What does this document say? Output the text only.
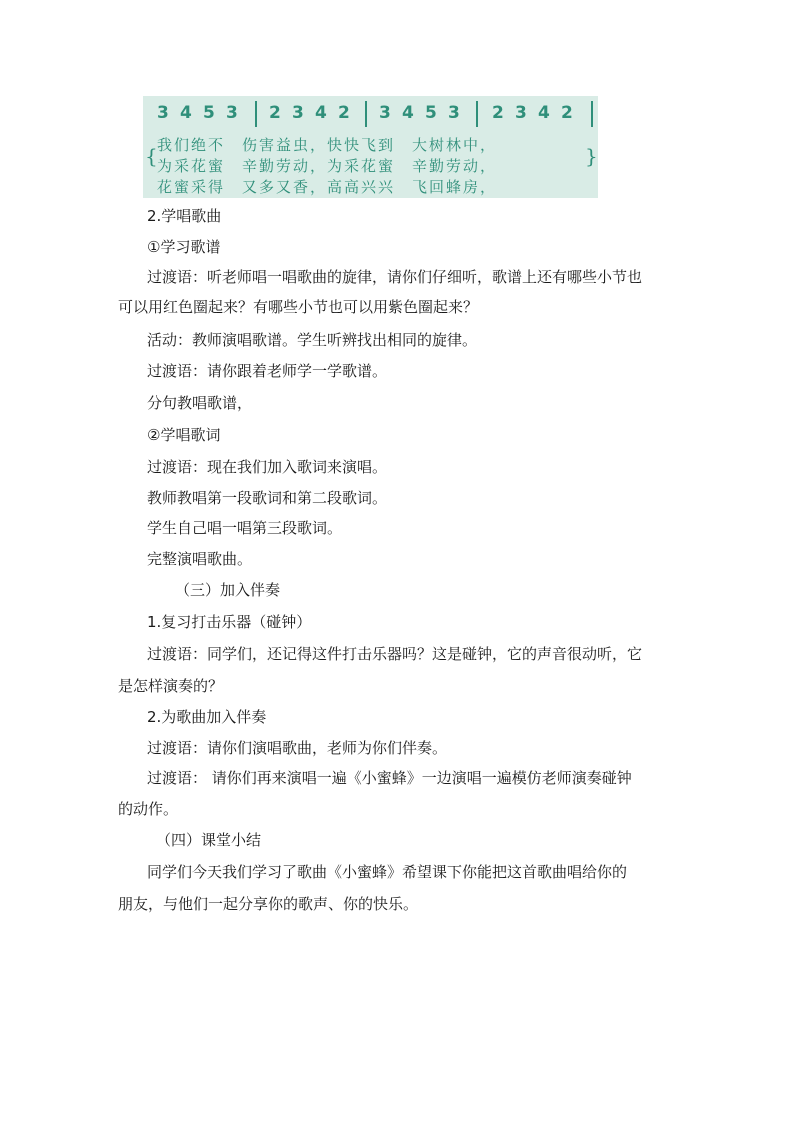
3 4 5 3 2 3 4 2 3 4 5 3 2 3 4 2
{ 我们绝不　伤害益虫，快快飞到　大树林中，
为采花蜜　辛勤劳动，为采花蜜　辛勤劳动，
花蜜采得　又多又香，高高兴兴　飞回蜂房，
}
2.学唱歌曲
①学习歌谱
过渡语：听老师唱一唱歌曲的旋律，请你们仔细听，歌谱上还有哪些小节也
可以用红色圈起来？有哪些小节也可以用紫色圈起来？
活动：教师演唱歌谱。学生听辨找出相同的旋律。
过渡语：请你跟着老师学一学歌谱。
分句教唱歌谱，
②学唱歌词
过渡语：现在我们加入歌词来演唱。
教师教唱第一段歌词和第二段歌词。
学生自己唱一唱第三段歌词。
完整演唱歌曲。
（三）加入伴奏
1.复习打击乐器（碰钟）
过渡语：同学们，还记得这件打击乐器吗？这是碰钟，它的声音很动听，它
是怎样演奏的？
2.为歌曲加入伴奏
过渡语：请你们演唱歌曲，老师为你们伴奏。
过渡语： 请你们再来演唱一遍《小蜜蜂》一边演唱一遍模仿老师演奏碰钟
的动作。
（四）课堂小结
同学们今天我们学习了歌曲《小蜜蜂》希望课下你能把这首歌曲唱给你的
朋友，与他们一起分享你的歌声、你的快乐。
